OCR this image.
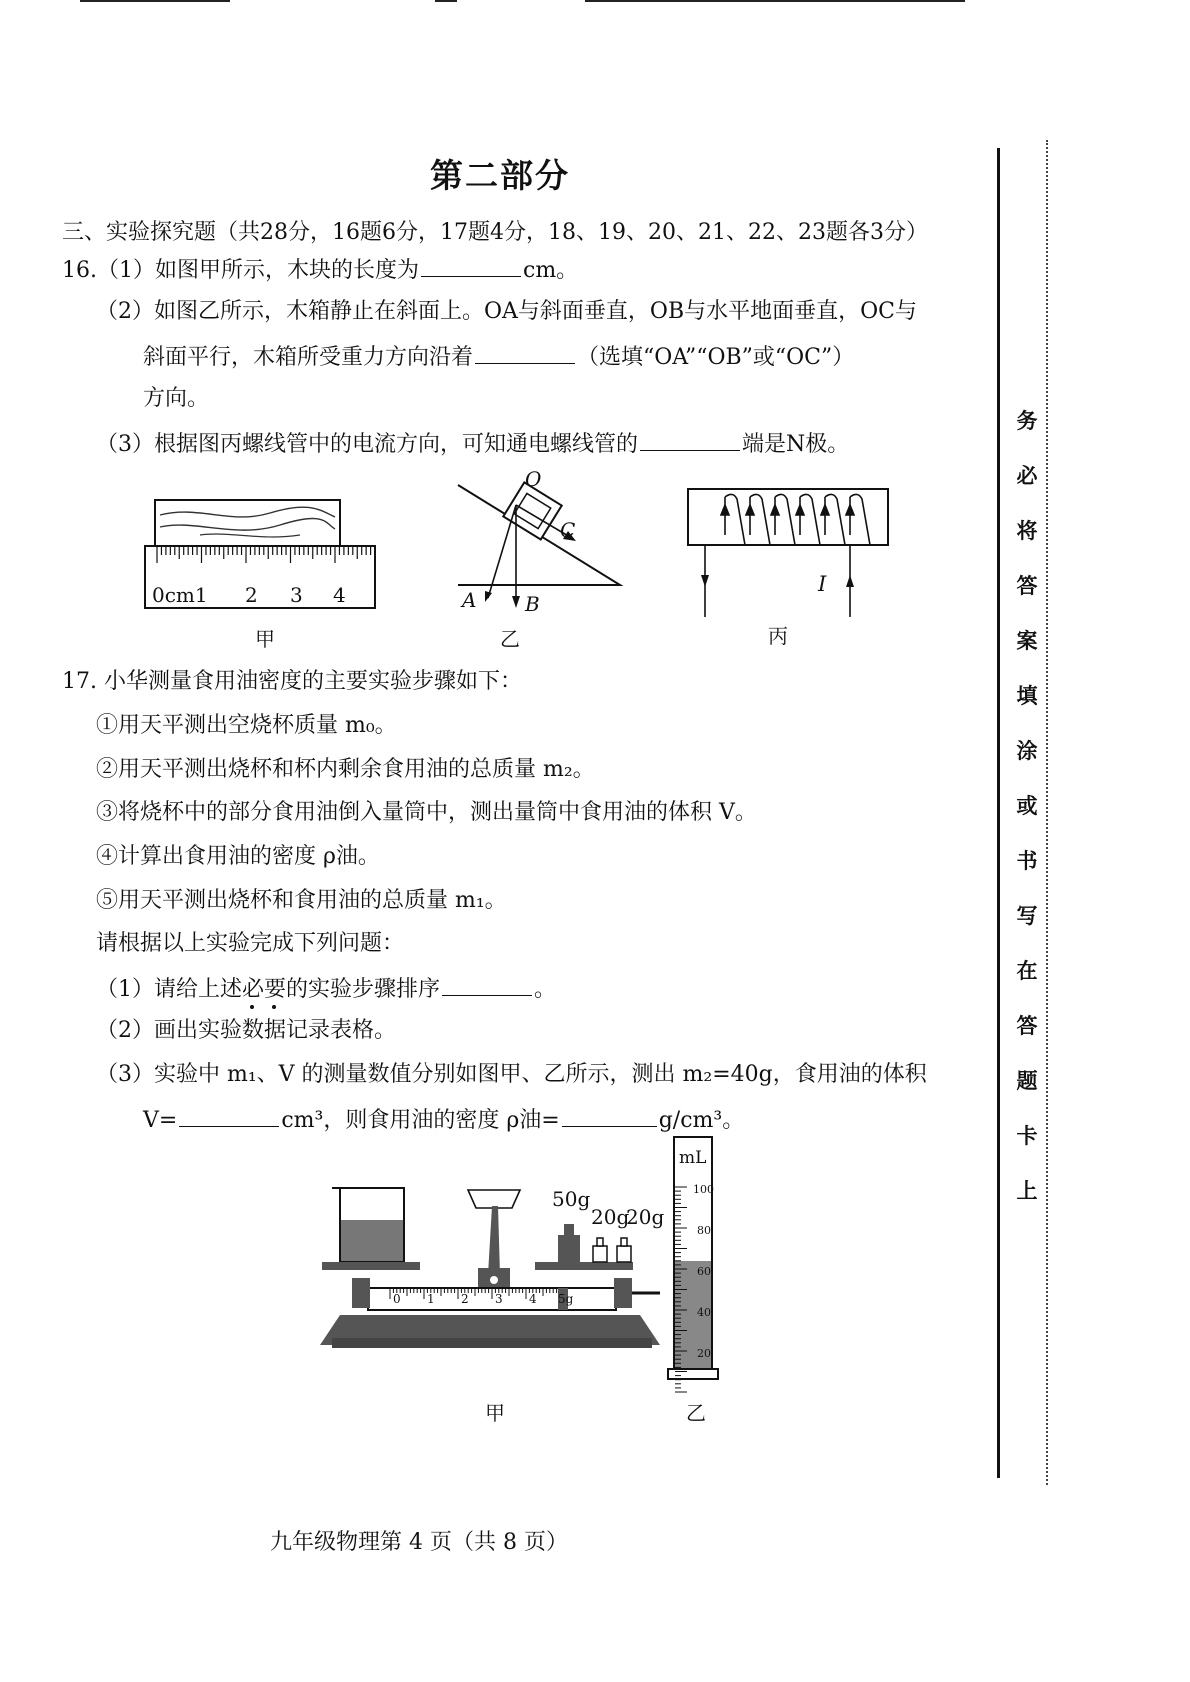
第二部分
三、实验探究题（共28分，16题6分，17题4分，18、19、20、21、22、23题各3分）
16.（1）如图甲所示，木块的长度为	cm。
（2）如图乙所示，木箱静止在斜面上。OA与斜面垂直，OB与水平地面垂直，OC与
斜面平行，木箱所受重力方向沿着	（选填“OA”“OB”或“OC”）
方向。
（3）根据图丙螺线管中的电流方向，可知通电螺线管的	端是N极。
0cm1 2 3 4
甲
O
C
A B
乙
I
丙
17. 小华测量食用油密度的主要实验步骤如下：
①用天平测出空烧杯质量 m₀。
②用天平测出烧杯和杯内剩余食用油的总质量 m₂。
③将烧杯中的部分食用油倒入量筒中，测出量筒中食用油的体积 V。
④计算出食用油的密度 ρ油。
⑤用天平测出烧杯和食用油的总质量 m₁。
请根据以上实验完成下列问题：
（1）请给上述必要
的实验步骤排序	。
（2）画出实验数据记录表格。
（3）实验中 m₁、V 的测量数值分别如图甲、乙所示，测出 m₂=40g，食用油的体积
V=	cm³，则食用油的密度 ρ油=	g/cm³。
50g
20g
20g
0 1 2 3 4 5g
甲
mL
100
80
60
40
20
乙
务
必
将
答
案
填
涂
或
书
写
在
答
题
卡
上
九年级物理第 4 页（共 8 页）
